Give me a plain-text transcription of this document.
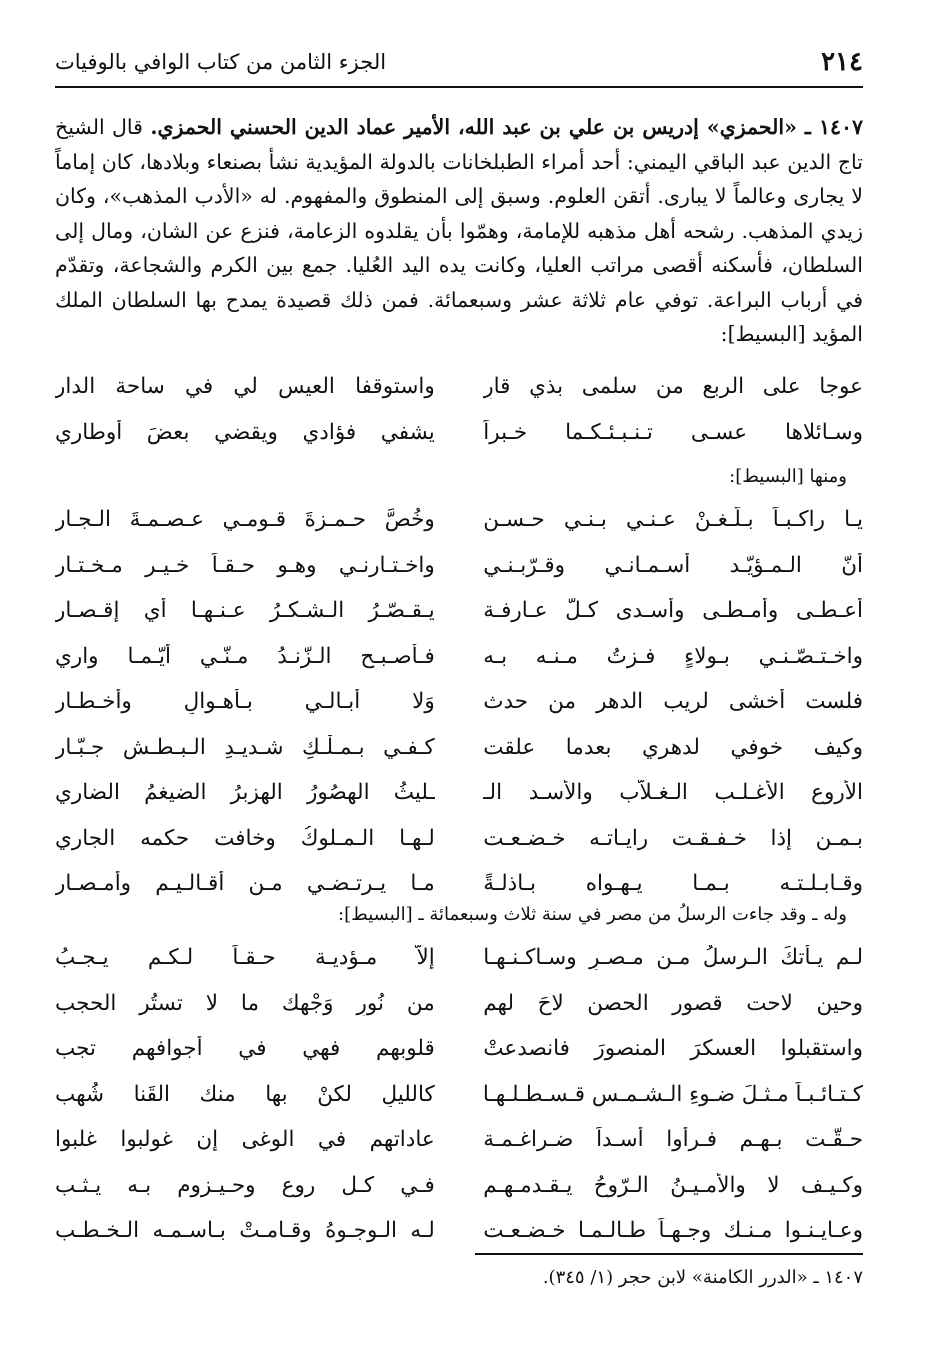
٢١٤
الجزء الثامن من كتاب الوافي بالوفيات
١٤٠٧ ـ «الحمزي» إدريس بن علي بن عبد الله، الأمير عماد الدين الحسني الحمزي. قال الشيخ تاج الدين عبد الباقي اليمني: أحد أمراء الطبلخانات بالدولة المؤيدية نشأ بصنعاء وبلادها، كان إماماً لا يجارى وعالماً لا يبارى. أتقن العلوم. وسبق إلى المنطوق والمفهوم. له «الأدب المذهب»، وكان زيدي المذهب. رشحه أهل مذهبه للإمامة، وهمّوا بأن يقلدوه الزعامة، فنزع عن الشان، ومال إلى السلطان، فأسكنه أقصى مراتب العليا، وكانت يده اليد العُليا. جمع بين الكرم والشجاعة، وتقدّم في أرباب البراعة. توفي عام ثلاثة عشر وسبعمائة. فمن ذلك قصيدة يمدح بها السلطان الملك المؤيد [البسيط]:
عوجا على الربعِ من سلمى بذي قارِ
واستوقفا العيس لي في ساحة الدار
وسـائلاها عسـى تـنـبـئـكـما خـبراً
يشفي فؤادي ويقضي بعضَ أوطاري
ومنها [البسيط]:
يـا راكـبـاً بـلّـغـنْ عـنـي بـنـي حـسـن
وخُصَّ حـمـزةَ قـومـي عـصـمـةَ الـجـار
أنّ الـمـؤيّـد أسـمـانـي وقـرّبـنـي
واخـتـارنـي وهـو حـقـاً خـيـر مـخـتـار
أعـطـى وأمـطـى وأسـدى كـلَّ عـارفـة
يـقـصّـرُ الـشـكـرُ عـنـهـا أي إقـصـار
واخـتـصّـنـي بـولاءٍ فـزتُ مـنـه بـه
فـأصـبـح الـزّنـدُ مـنّـي أيّـمـا واري
فلست أخشى لريب الدهر من حدث
وَلا أُبـالـي بـأهـوالٍ وأخـطـار
وكيف خوفي لدهري بعدما علقت
كـفـي بـمـلْـكِ شـديـدِ الـبـطـشِ جـبّـار
الأروع الأغـلـب الـغـلاّب والأسـد الـ
ـليثُ الهصُورُ الهزبرُ الضيغمُ الضاري
بـمـن إذا خـفـقـت رايـاتـه خـضـعـت
لـهـا الـمـلوكُ وخافت حكمه الجاري
وقـابـلـتـه بـمـا يـهـواه بـاذلـةً
مـا يـرتـضـي مـن أقـالـيـم وأمـصـار
وله ـ وقد جاءت الرسلُ من مصر في سنة ثلاث وسبعمائة ـ [البسيط]:
لـم يـأتكَ الـرسلُ مـن مـصـرٍ وسـاكـنـهـا
إلاّ مـؤديـة حـقـاً لـكـم يـجـبُ
وحين لاحت قصور الحصن لاحَ لهم
من نُورِ وَجْهك ما لا تستُر الحجب
واستقبلوا العسكرَ المنصورَ فانصدعتْ
قلوبهم فهي في أجوافهم تجب
كـتـائـبـاً مـثـلَ ضـوءِ الـشـمـس قـسـطـلـهـا
كالليلِ لكنْ بها منك القَنا شُهب
حـقّـت بـهـم فـرأوا أسـداً ضـراغـمـة
عاداتهم في الوغى إن غولبوا غلبوا
وكـيـف لا والأمـيـنُ الـرّوحُ يـقـدمـهـم
فـي كـل روعٍ وحـيـزوم بـه يـثـب
وعـايـنـوا مـنـك وجـهـاً طـالـمـا خـضـعـت
لـه الـوجـوهُ وقـامـتْ بـاسـمـه الـخـطـب
١٤٠٧ ـ «الدرر الكامنة» لابن حجر (١/ ٣٤٥).
